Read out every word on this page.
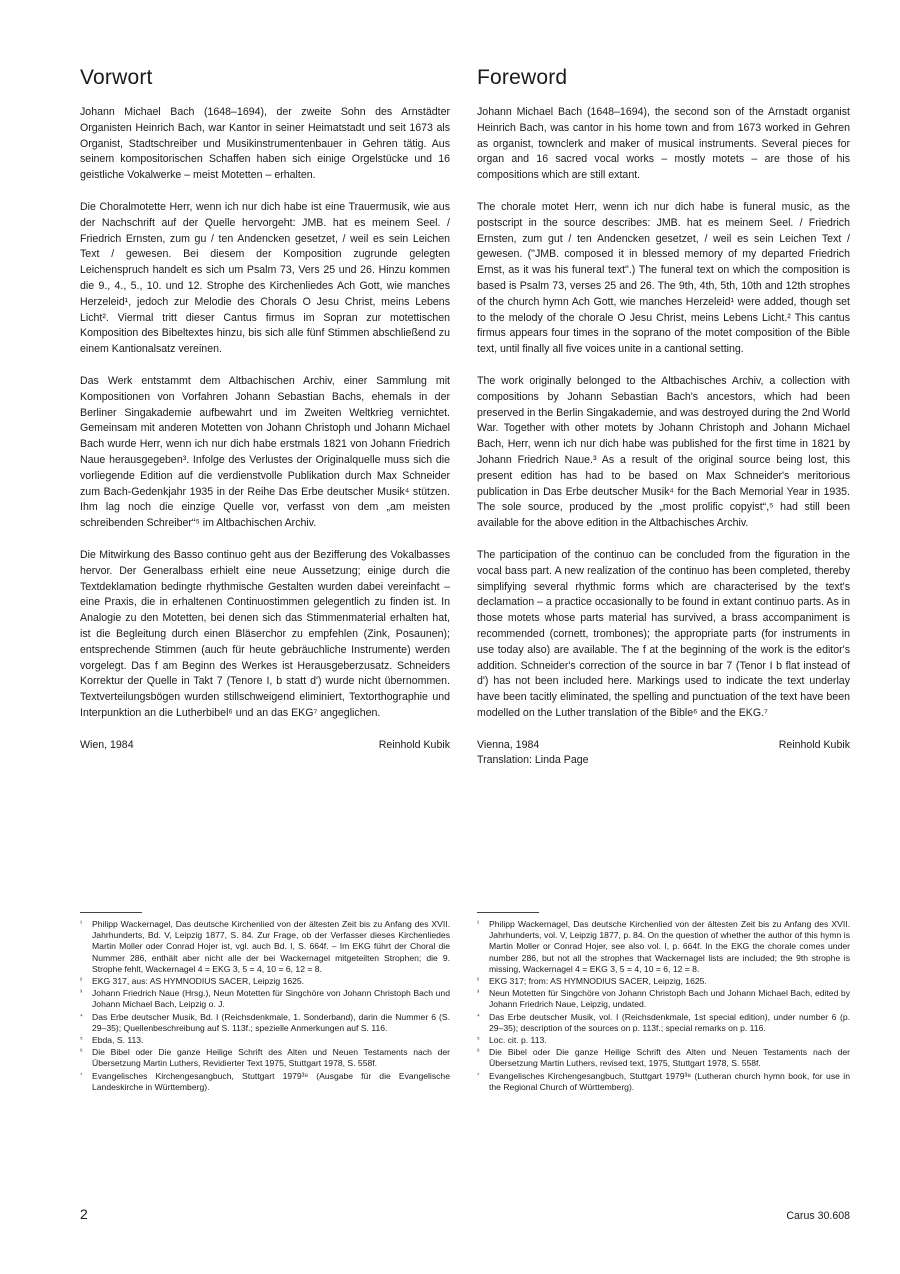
Vorwort

Johann Michael Bach (1648–1694), der zweite Sohn des Arnstädter Organisten Heinrich Bach, war Kantor in seiner Heimatstadt und seit 1673 als Organist, Stadtschreiber und Musikinstrumentenbauer in Gehren tätig. Aus seinem kompositorischen Schaffen haben sich einige Orgelstücke und 16 geistliche Vokalwerke – meist Motetten – erhalten.

Die Choralmotette Herr, wenn ich nur dich habe ist eine Trauermusik, wie aus der Nachschrift auf der Quelle hervorgeht: JMB. hat es meinem Seel. / Friedrich Ernsten, zum gu / ten Andencken gesetzet, / weil es sein Leichen Text / gewesen. Bei diesem der Komposition zugrunde gelegten Leichenspruch handelt es sich um Psalm 73, Vers 25 und 26. Hinzu kommen die 9., 4., 5., 10. und 12. Strophe des Kirchenliedes Ach Gott, wie manches Herzeleid¹, jedoch zur Melodie des Chorals O Jesu Christ, meins Lebens Licht². Viermal tritt dieser Cantus firmus im Sopran zur motettischen Komposition des Bibeltextes hinzu, bis sich alle fünf Stimmen abschließend zu einem Kantionalsatz vereinen.

Das Werk entstammt dem Altbachischen Archiv, einer Sammlung mit Kompositionen von Vorfahren Johann Sebastian Bachs, ehemals in der Berliner Singakademie aufbewahrt und im Zweiten Weltkrieg vernichtet. Gemeinsam mit anderen Motetten von Johann Christoph und Johann Michael Bach wurde Herr, wenn ich nur dich habe erstmals 1821 von Johann Friedrich Naue herausgegeben³. Infolge des Verlustes der Originalquelle muss sich die vorliegende Edition auf die verdienstvolle Publikation durch Max Schneider zum Bach-Gedenkjahr 1935 in der Reihe Das Erbe deutscher Musik⁴ stützen. Ihm lag noch die einzige Quelle vor, verfasst von dem „am meisten schreibenden Schreiber“⁵ im Altbachischen Archiv.

Die Mitwirkung des Basso continuo geht aus der Bezifferung des Vokalbasses hervor. Der Generalbass erhielt eine neue Aussetzung; einige durch die Textdeklamation bedingte rhythmische Gestalten wurden dabei vereinfacht – eine Praxis, die in erhaltenen Continuostimmen gelegentlich zu finden ist. In Analogie zu den Motetten, bei denen sich das Stimmenmaterial erhalten hat, ist die Begleitung durch einen Bläserchor zu empfehlen (Zink, Posaunen); entsprechende Stimmen (auch für heute gebräuchliche Instrumente) werden vorgelegt. Das f am Beginn des Werkes ist Herausgeberzusatz. Schneiders Korrektur der Quelle in Takt 7 (Tenore I, b statt d') wurde nicht übernommen. Textverteilungsbögen wurden stillschweigend eliminiert, Textorthographie und Interpunktion an die Lutherbibel⁶ und an das EKG⁷ angeglichen.

Wien, 1984	Reinhold Kubik
Foreword

Johann Michael Bach (1648–1694), the second son of the Arnstadt organist Heinrich Bach, was cantor in his home town and from 1673 worked in Gehren as organist, townclerk and maker of musical instruments. Several pieces for organ and 16 sacred vocal works – mostly motets – are those of his compositions which are still extant.

The chorale motet Herr, wenn ich nur dich habe is funeral music, as the postscript in the source describes: JMB. hat es meinem Seel. / Friedrich Ernsten, zum gut / ten Andencken gesetzet, / weil es sein Leichen Text / gewesen. ("JMB. composed it in blessed memory of my departed Friedrich Ernst, as it was his funeral text".) The funeral text on which the composition is based is Psalm 73, verses 25 and 26. The 9th, 4th, 5th, 10th and 12th strophes of the church hymn Ach Gott, wie manches Herzeleid¹ were added, though set to the melody of the chorale O Jesu Christ, meins Lebens Licht.² This cantus firmus appears four times in the soprano of the motet composition of the Bible text, until finally all five voices unite in a cantional setting.

The work originally belonged to the Altbachisches Archiv, a collection with compositions by Johann Sebastian Bach's ancestors, which had been preserved in the Berlin Singakademie, and was destroyed during the 2nd World War. Together with other motets by Johann Christoph and Johann Michael Bach, Herr, wenn ich nur dich habe was published for the first time in 1821 by Johann Friedrich Naue.³ As a result of the original source being lost, this present edition has had to be based on Max Schneider's meritorious publication in Das Erbe deutscher Musik⁴ for the Bach Memorial Year in 1935. The sole source, produced by the „most prolific copyist“,⁵ had still been available for the above edition in the Altbachisches Archiv.

The participation of the continuo can be concluded from the figuration in the vocal bass part. A new realization of the continuo has been completed, thereby simplifying several rhythmic forms which are characterised by the text's declamation – a practice occasionally to be found in extant continuo parts. As in those motets whose parts material has survived, a brass accompaniment is recommended (cornett, trombones); the appropriate parts (for instruments in use today also) are available. The f at the beginning of the work is the editor's addition. Schneider's correction of the source in bar 7 (Tenor I b flat instead of d') has not been included here. Markings used to indicate the text underlay have been tacitly eliminated, the spelling and punctuation of the text have been modelled on the Luther translation of the Bible⁶ and the EKG.⁷

Vienna, 1984	Reinhold Kubik
Translation: Linda Page
¹	Philipp Wackernagel, Das deutsche Kirchenlied von der ältesten Zeit bis zu Anfang des XVII. Jahrhunderts, Bd. V, Leipzig 1877, S. 84. Zur Frage, ob der Verfasser dieses Kirchenliedes Martin Moller oder Conrad Hojer ist, vgl. auch Bd. I, S. 664f. – Im EKG führt der Choral die Nummer 286, enthält aber nicht alle der bei Wackernagel mitgeteilten Strophen; die 9. Strophe fehlt, Wackernagel 4 = EKG 3, 5 = 4, 10 = 6, 12 = 8.
²	EKG 317, aus: AS HYMNODIUS SACER, Leipzig 1625.
³	Johann Friedrich Naue (Hrsg.), Neun Motetten für Singchöre von Johann Christoph Bach und Johann Michael Bach, Leipzig o. J.
⁴	Das Erbe deutscher Musik, Bd. I (Reichsdenkmale, 1. Sonderband), darin die Nummer 6 (S. 29–35); Quellenbeschreibung auf S. 113f.; spezielle Anmerkungen auf S. 116.
⁵	Ebda, S. 113.
⁶	Die Bibel oder Die ganze Heilige Schrift des Alten und Neuen Testaments nach der Übersetzung Martin Luthers, Revidierter Text 1975, Stuttgart 1978, S. 558f.
⁷	Evangelisches Kirchengesangbuch, Stuttgart 1979³⁸ (Ausgabe für die Evangelische Landeskirche in Württemberg).
¹	Philipp Wackernagel, Das deutsche Kirchenlied von der ältesten Zeit bis zu Anfang des XVII. Jahrhunderts, vol. V, Leipzig 1877, p. 84. On the question of whether the author of this hymn is Martin Moller or Conrad Hojer, see also vol. I, p. 664f. In the EKG the chorale comes under number 286, but not all the strophes that Wackernagel lists are included; the 9th strophe is missing, Wackernagel 4 = EKG 3, 5 = 4, 10 = 6, 12 = 8.
²	EKG 317; from: AS HYMNODIUS SACER, Leipzig, 1625.
³	Neun Motetten für Singchöre von Johann Christoph Bach und Johann Michael Bach, edited by Johann Friedrich Naue, Leipzig, undated.
⁴	Das Erbe deutscher Musik, vol. I (Reichsdenkmale, 1st special edition), under number 6 (p. 29–35); description of the sources on p. 113f.; special remarks on p. 116.
⁵	Loc. cit. p. 113.
⁶	Die Bibel oder Die ganze Heilige Schrift des Alten und Neuen Testaments nach der Übersetzung Martin Luthers, revised text, 1975, Stuttgart 1978, S. 558f.
⁷	Evangelisches Kirchengesangbuch, Stuttgart 1979³⁸ (Lutheran church hymn book, for use in the Regional Church of Württemberg).
2	Carus 30.608
